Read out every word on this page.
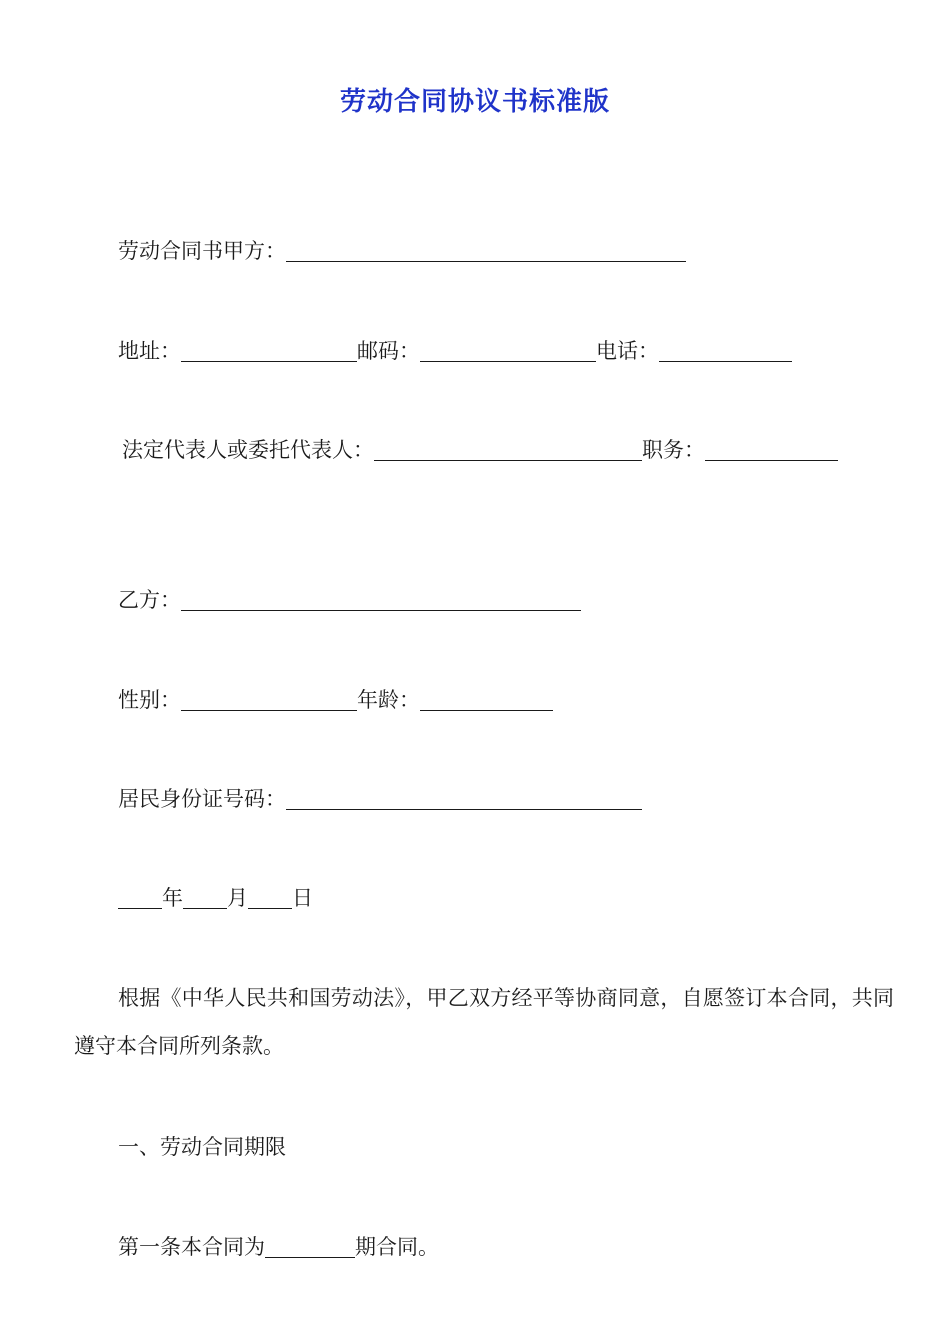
劳动合同协议书标准版
劳动合同书甲方：
地址：	邮码：	电话：
法定代表人或委托代表人：	职务：
乙方：
性别：	年龄：
居民身份证号码：
年 月 日
根据《中华人民共和国劳动法》，甲乙双方经平等协商同意，自愿签订本合同，共同遵守本合同所列条款。
一、劳动合同期限
第一条本合同为	期合同。
